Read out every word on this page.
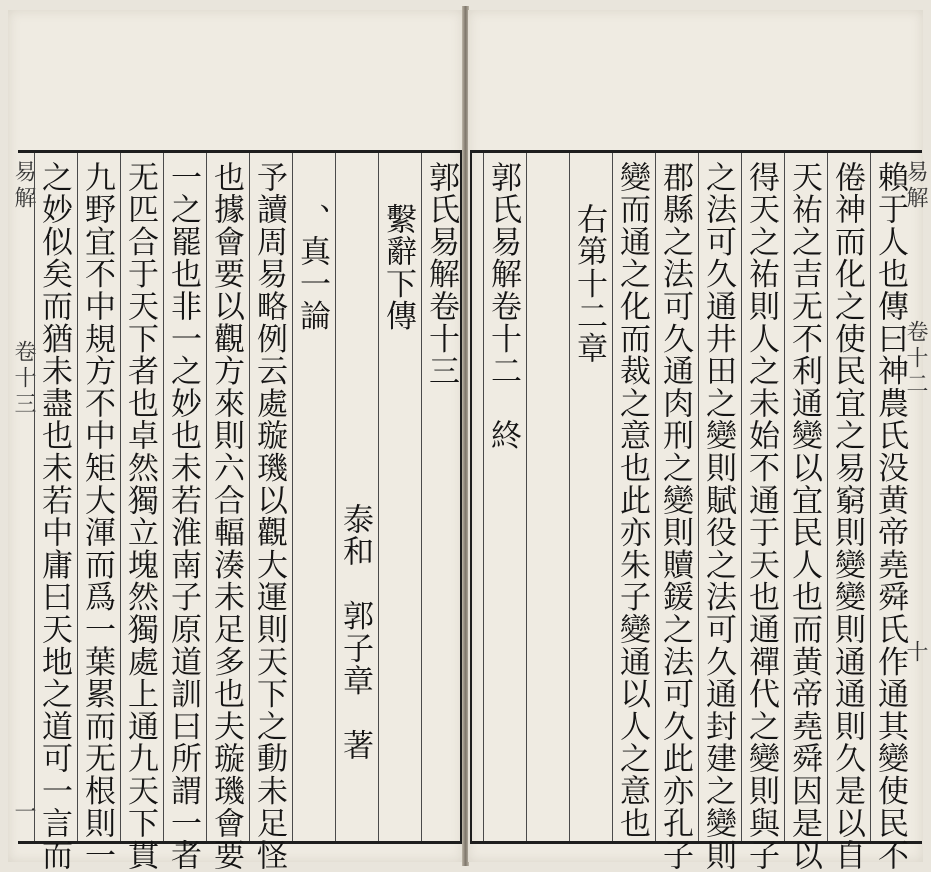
易解
卷十三
一
郭氏易解卷十三
繫辭下傳
泰和　郭子章　著
、真一論
予讀周易略例云處璇璣以觀大運則天下之動未足怪
也據會要以觀方來則六合輻湊未足多也夫璇璣會要
一之罷也非一之妙也未若淮南子原道訓曰所謂一者
无匹合于天下者也卓然獨立塊然獨處上通九天下貫
九野宜不中規方不中矩大渾而爲一葉累而无根則一
之妙似矣而猶未盡也未若中庸曰天地之道可一言而	易解
卷十二
十
賴于人也傳曰神農氏没黄帝堯舜氏作通其變使民不
倦神而化之使民宜之易窮則變變則通通則久是以自
天祐之吉无不利通變以宜民人也而黄帝堯舜因是以
得天之祐則人之未始不通于天也通禪代之變則與子
之法可久通井田之變則賦役之法可久通封建之變則
郡縣之法可久通肉刑之變則贖鍰之法可久此亦孔子
變而通之化而裁之意也此亦朱子變通以人之意也
右第十二章
郭氏易解卷十二　終
